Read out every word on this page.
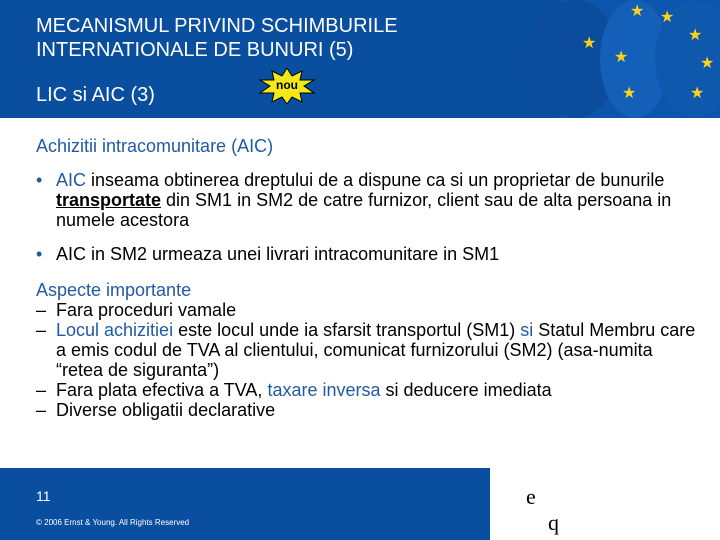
★ ★
★
★
★
★
★
★

MECANISMUL PRIVIND SCHIMBURILE
INTERNATIONALE DE BUNURI (5)

LIC si AIC (3)	nou

Achizitii intracomunitare (AIC)

• AIC inseama obtinerea dreptului de a dispune ca si un proprietar de bunurile transportate din SM1 in SM2 de catre furnizor, client sau de alta persoana in numele acestora

• AIC in SM2 urmeaza unei livrari intracomunitare in SM1

Aspecte importante

– Fara proceduri vamale

– Locul achizitiei este locul unde ia sfarsit transportul (SM1) si Statul Membru care a emis codul de TVA al clientului, comunicat furnizorului (SM2) (asa-numita “retea de siguranta”)

– Fara plata efectiva a TVA, taxare inversa si deducere imediata

– Diverse obligatii declarative

11
© 2006 Ernst & Young. All Rights Reserved
e
q
